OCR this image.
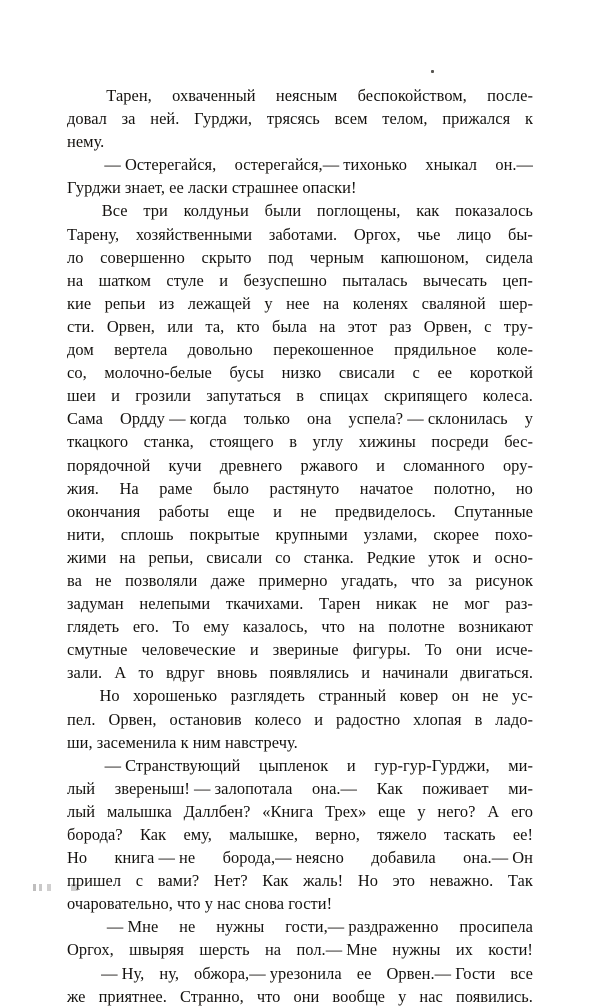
Тарен, охваченный неясным беспокойством, после-
довал за ней. Гурджи, трясясь всем телом, прижался к
нему.
— Остерегайся, остерегайся,— тихонько хныкал он.—
Гурджи знает, ее ласки страшнее опаски!
Все три колдуньи были поглощены, как показалось
Тарену, хозяйственными заботами. Оргох, чье лицо бы-
ло совершенно скрыто под черным капюшоном, сидела
на шатком стуле и безуспешно пыталась вычесать цеп-
кие репьи из лежащей у нее на коленях сваляной шер-
сти. Орвен, или та, кто была на этот раз Орвен, с тру-
дом вертела довольно перекошенное прядильное коле-
со, молочно-белые бусы низко свисали с ее короткой
шеи и грозили запутаться в спицах скрипящего колеса.
Сама Ордду — когда только она успела? — склонилась у
ткацкого станка, стоящего в углу хижины посреди бес-
порядочной кучи древнего ржавого и сломанного ору-
жия. На раме было растянуто начатое полотно, но
окончания работы еще и не предвиделось. Спутанные
нити, сплошь покрытые крупными узлами, скорее похо-
жими на репьи, свисали со станка. Редкие уток и осно-
ва не позволяли даже примерно угадать, что за рисунок
задуман нелепыми ткачихами. Тарен никак не мог раз-
глядеть его. То ему казалось, что на полотне возникают
смутные человеческие и звериные фигуры. То они исче-
зали. А то вдруг вновь появлялись и начинали двигаться.
Но хорошенько разглядеть странный ковер он не ус-
пел. Орвен, остановив колесо и радостно хлопая в ладо-
ши, засеменила к ним навстречу.
— Странствующий цыпленок и гур-гур-Гурджи, ми-
лый звереныш! — залопотала она.— Как поживает ми-
лый малышка Даллбен? «Книга Трех» еще у него? А его
борода? Как ему, малышке, верно, тяжело таскать ее!
Но книга — не борода,— неясно добавила она.— Он
пришел с вами? Нет? Как жаль! Но это неважно. Так
очаровательно, что у нас снова гости!
— Мне не нужны гости,— раздраженно просипела
Оргох, швыряя шерсть на пол.— Мне нужны их кости!
— Ну, ну, обжора,— урезонила ее Орвен.— Гости все
же приятнее. Странно, что они вообще у нас появились.
